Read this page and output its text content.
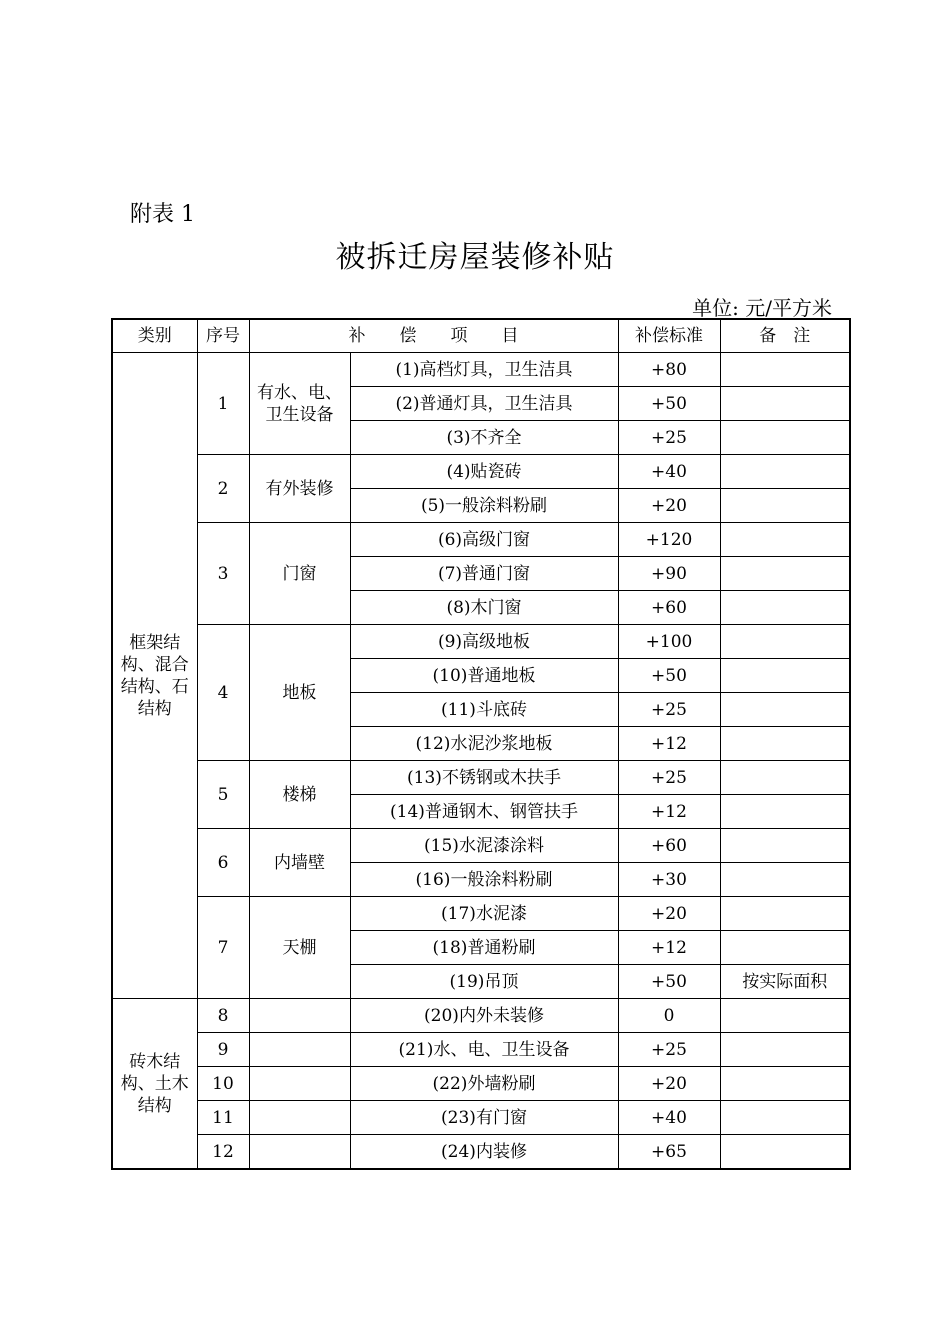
附表 1
被拆迁房屋装修补贴
单位: 元/平方米
类别	序号	补　　偿　　项　　目		补偿标准	备　注
框架结构、混合结构、石结构	1	有水、电、卫生设备	(1)高档灯具，卫生洁具	+80	
			(2)普通灯具，卫生洁具	+50	
			(3)不齐全	+25	
	2	有外装修	(4)贴瓷砖	+40	
			(5)一般涂料粉刷	+20	
	3	门窗	(6)高级门窗	+120	
			(7)普通门窗	+90	
			(8)木门窗	+60	
	4	地板	(9)高级地板	+100	
			(10)普通地板	+50	
			(11)斗底砖	+25	
			(12)水泥沙浆地板	+12	
	5	楼梯	(13)不锈钢或木扶手	+25	
			(14)普通钢木、钢管扶手	+12	
	6	内墙壁	(15)水泥漆涂料	+60	
			(16)一般涂料粉刷	+30	
	7	天棚	(17)水泥漆	+20	
			(18)普通粉刷	+12	
			(19)吊顶	+50	按实际面积
砖木结构、土木结构	8		(20)内外未装修	0	
	9		(21)水、电、卫生设备	+25	
	10		(22)外墙粉刷	+20	
	11		(23)有门窗	+40	
	12		(24)内装修	+65	
